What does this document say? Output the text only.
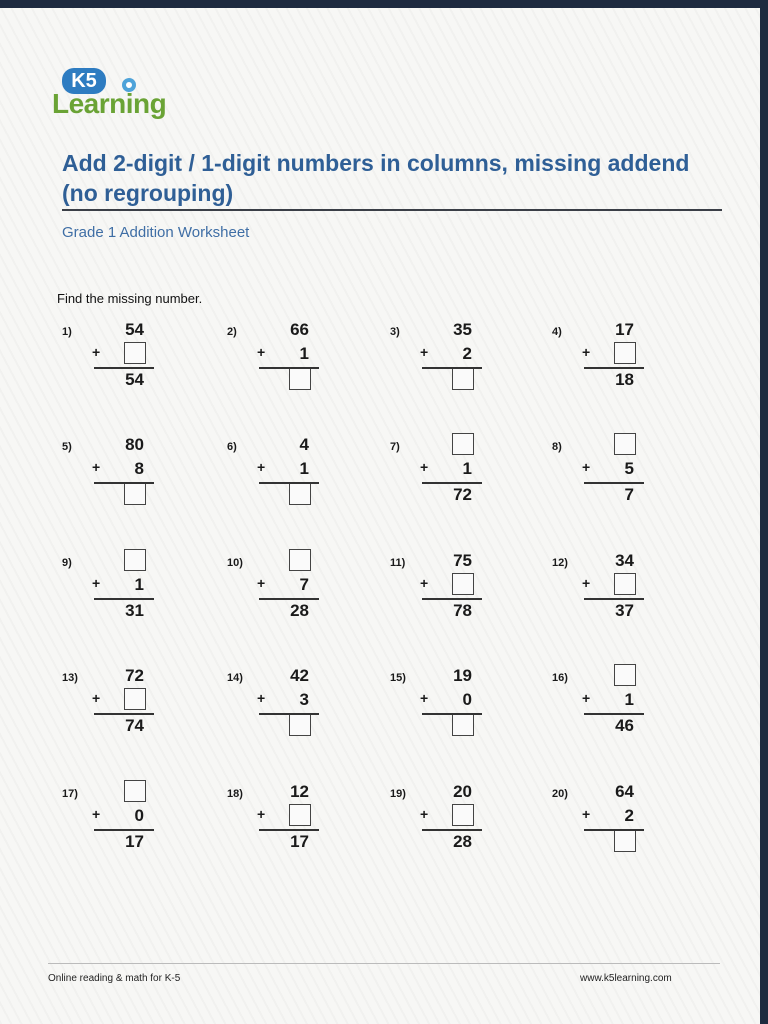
K5
Learning
Add 2-digit / 1-digit numbers in columns, missing addend (no regrouping)
Grade 1 Addition Worksheet
Find the missing number.
1)	54
+
54
2)	66
+ 1
3)	35
+ 2
4)	17
+
18
5)	80
+ 8
6)	4
+ 1
7)
+ 1
72
8)
+ 5
7
9)
+ 1
31
10)
+ 7
28
11)	75
+
78
12)	34
+
37
13)	72
+
74
14)	42
+ 3
15)	19
+ 0
16)
+ 1
46
17)
+ 0
17
18)	12
+
17
19)	20
+
28
20)	64
+ 2
Online reading & math for K-5	www.k5learning.com
